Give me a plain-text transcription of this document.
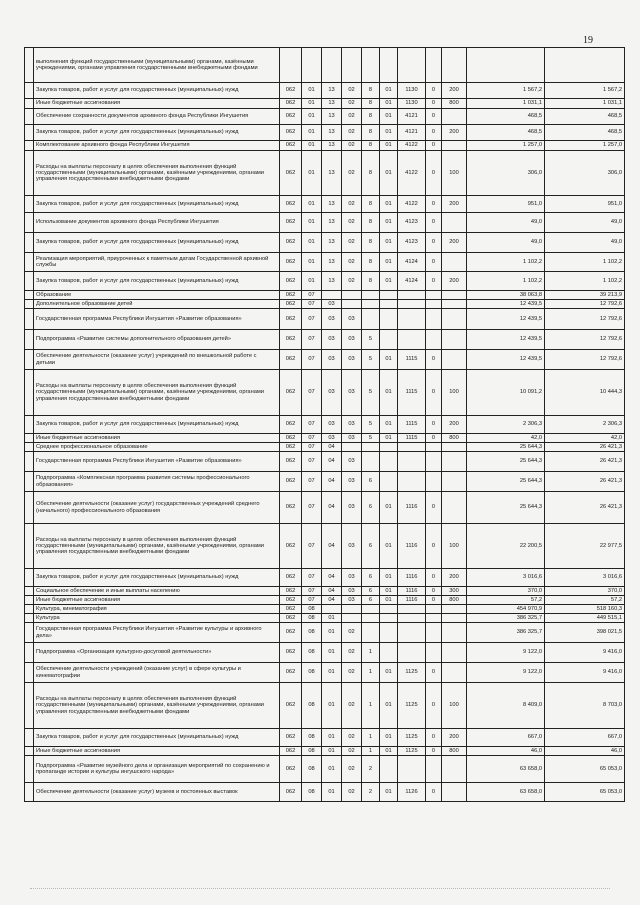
19
	выполнения функций государственными (муниципальными) органами, казёнными учреждениями, органами управления государственными внебюджетными фондами											
	Закупка товаров, работ и услуг для государственных (муниципальных) нужд	062	01	13	02	8	01	1130	0	200	1 567,2	1 567,2
	Иные бюджетные ассигнования	062	01	13	02	8	01	1130	0	800	1 031,1	1 031,1
	Обеспечение сохранности документов архивного фонда Республики Ингушетия	062	01	13	02	8	01	4121	0		468,5	468,5
	Закупка товаров, работ и услуг для государственных (муниципальных) нужд	062	01	13	02	8	01	4121	0	200	468,5	468,5
	Комплектование архивного фонда Республики Ингушетия	062	01	13	02	8	01	4122	0		1 257,0	1 257,0
	Расходы на выплаты персоналу в целях обеспечения выполнения функций государственными (муниципальными) органами, казёнными учреждениями, органами управления государственными внебюджетными фондами	062	01	13	02	8	01	4122	0	100	306,0	306,0
	Закупка товаров, работ и услуг для государственных (муниципальных) нужд	062	01	13	02	8	01	4122	0	200	951,0	951,0
	Использование документов архивного фонда Республики Ингушетия	062	01	13	02	8	01	4123	0		49,0	49,0
	Закупка товаров, работ и услуг для государственных (муниципальных) нужд	062	01	13	02	8	01	4123	0	200	49,0	49,0
	Реализация мероприятий, приуроченных к памятным датам Государственной архивной службы	062	01	13	02	8	01	4124	0		1 102,2	1 102,2
	Закупка товаров, работ и услуг для государственных (муниципальных) нужд	062	01	13	02	8	01	4124	0	200	1 102,2	1 102,2
	Образование	062	07								38 063,8	39 213,9
	Дополнительное образование детей	062	07	03							12 439,5	12 792,6
	Государственная программа Республики Ингушетия «Развитие образования»	062	07	03	03						12 439,5	12 792,6
	Подпрограмма «Развитие системы дополнительного образования детей»	062	07	03	03	5					12 439,5	12 792,6
	Обеспечение деятельности (оказание услуг) учреждений по внешкольной работе с детьми	062	07	03	03	5	01	1115	0		12 439,5	12 792,6
	Расходы на выплаты персоналу в целях обеспечения выполнения функций государственными (муниципальными) органами, казёнными учреждениями, органами управления государственными внебюджетными фондами	062	07	03	03	5	01	1115	0	100	10 091,2	10 444,3
	Закупка товаров, работ и услуг для государственных (муниципальных) нужд	062	07	03	03	5	01	1115	0	200	2 306,3	2 306,3
	Иные бюджетные ассигнования	062	07	03	03	5	01	1115	0	800	42,0	42,0
	Среднее профессиональное образование	062	07	04							25 644,3	26 421,3
	Государственная программа Республики Ингушетия «Развитие образования»	062	07	04	03						25 644,3	26 421,3
	Подпрограмма «Комплексная программа развития системы профессионального образования»	062	07	04	03	6					25 644,3	26 421,3
	Обеспечение деятельности (оказание услуг) государственных учреждений среднего (начального) профессионального образования	062	07	04	03	6	01	1116	0		25 644,3	26 421,3
	Расходы на выплаты персоналу в целях обеспечения выполнения функций государственными (муниципальными) органами, казёнными учреждениями, органами управления государственными внебюджетными фондами	062	07	04	03	6	01	1116	0	100	22 200,5	22 977,5
	Закупка товаров, работ и услуг для государственных (муниципальных) нужд	062	07	04	03	6	01	1116	0	200	3 016,6	3 016,6
	Социальное обеспечение и иные выплаты населению	062	07	04	03	6	01	1116	0	300	370,0	370,0
	Иные бюджетные ассигнования	062	07	04	03	6	01	1116	0	800	57,2	57,2
	Культура, кинематография	062	08								454 970,9	518 160,3
	Культура	062	08	01							386 325,7	449 515,1
	Государственная программа Республики Ингушетия «Развитие культуры и архивного дела»	062	08	01	02						386 325,7	398 021,5
	Подпрограмма «Организация культурно-досуговой деятельности»	062	08	01	02	1					9 122,0	9 416,0
	Обеспечение деятельности учреждений (оказание услуг) в сфере культуры и кинематографии	062	08	01	02	1	01	1125	0		9 122,0	9 416,0
	Расходы на выплаты персоналу в целях обеспечения выполнения функций государственными (муниципальными) органами, казёнными учреждениями, органами управления государственными внебюджетными фондами	062	08	01	02	1	01	1125	0	100	8 409,0	8 703,0
	Закупка товаров, работ и услуг для государственных (муниципальных) нужд	062	08	01	02	1	01	1125	0	200	667,0	667,0
	Иные бюджетные ассигнования	062	08	01	02	1	01	1125	0	800	46,0	46,0
	Подпрограмма «Развитие музейного дела и организация мероприятий по сохранению и пропаганде истории и культуры ингушского народа»	062	08	01	02	2					63 658,0	65 053,0
	Обеспечение деятельности (оказание услуг) музеев и постоянных выставок	062	08	01	02	2	01	1126	0		63 658,0	65 053,0
